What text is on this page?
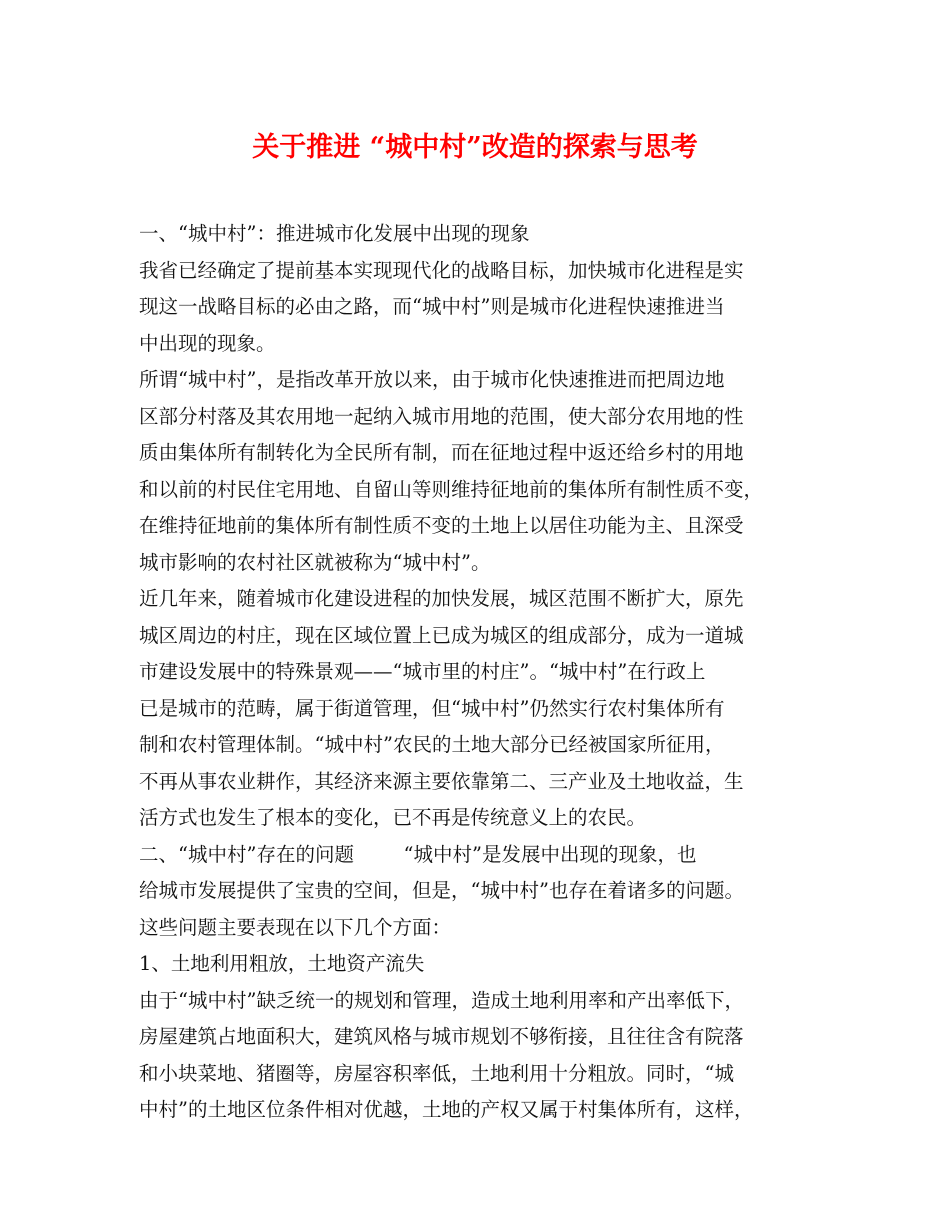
关于推进 “城中村”改造的探索与思考
一、“城中村”：推进城市化发展中出现的现象
我省已经确定了提前基本实现现代化的战略目标，加快城市化进程是实
现这一战略目标的必由之路，而“城中村”则是城市化进程快速推进当
中出现的现象。
所谓“城中村”，是指改革开放以来，由于城市化快速推进而把周边地
区部分村落及其农用地一起纳入城市用地的范围，使大部分农用地的性
质由集体所有制转化为全民所有制，而在征地过程中返还给乡村的用地
和以前的村民住宅用地、自留山等则维持征地前的集体所有制性质不变，
在维持征地前的集体所有制性质不变的土地上以居住功能为主、且深受
城市影响的农村社区就被称为“城中村”。
近几年来，随着城市化建设进程的加快发展，城区范围不断扩大，原先
城区周边的村庄，现在区域位置上已成为城区的组成部分，成为一道城
市建设发展中的特殊景观——“城市里的村庄”。“城中村”在行政上
已是城市的范畴，属于街道管理，但“城中村”仍然实行农村集体所有
制和农村管理体制。“城中村”农民的土地大部分已经被国家所征用，
不再从事农业耕作，其经济来源主要依靠第二、三产业及土地收益，生
活方式也发生了根本的变化，已不再是传统意义上的农民。
二、“城中村”存在的问题        “城中村”是发展中出现的现象，也
给城市发展提供了宝贵的空间，但是，“城中村”也存在着诸多的问题。
这些问题主要表现在以下几个方面：
1、土地利用粗放，土地资产流失
由于“城中村”缺乏统一的规划和管理，造成土地利用率和产出率低下，
房屋建筑占地面积大，建筑风格与城市规划不够衔接，且往往含有院落
和小块菜地、猪圈等，房屋容积率低，土地利用十分粗放。同时，“城
中村”的土地区位条件相对优越，土地的产权又属于村集体所有，这样，
